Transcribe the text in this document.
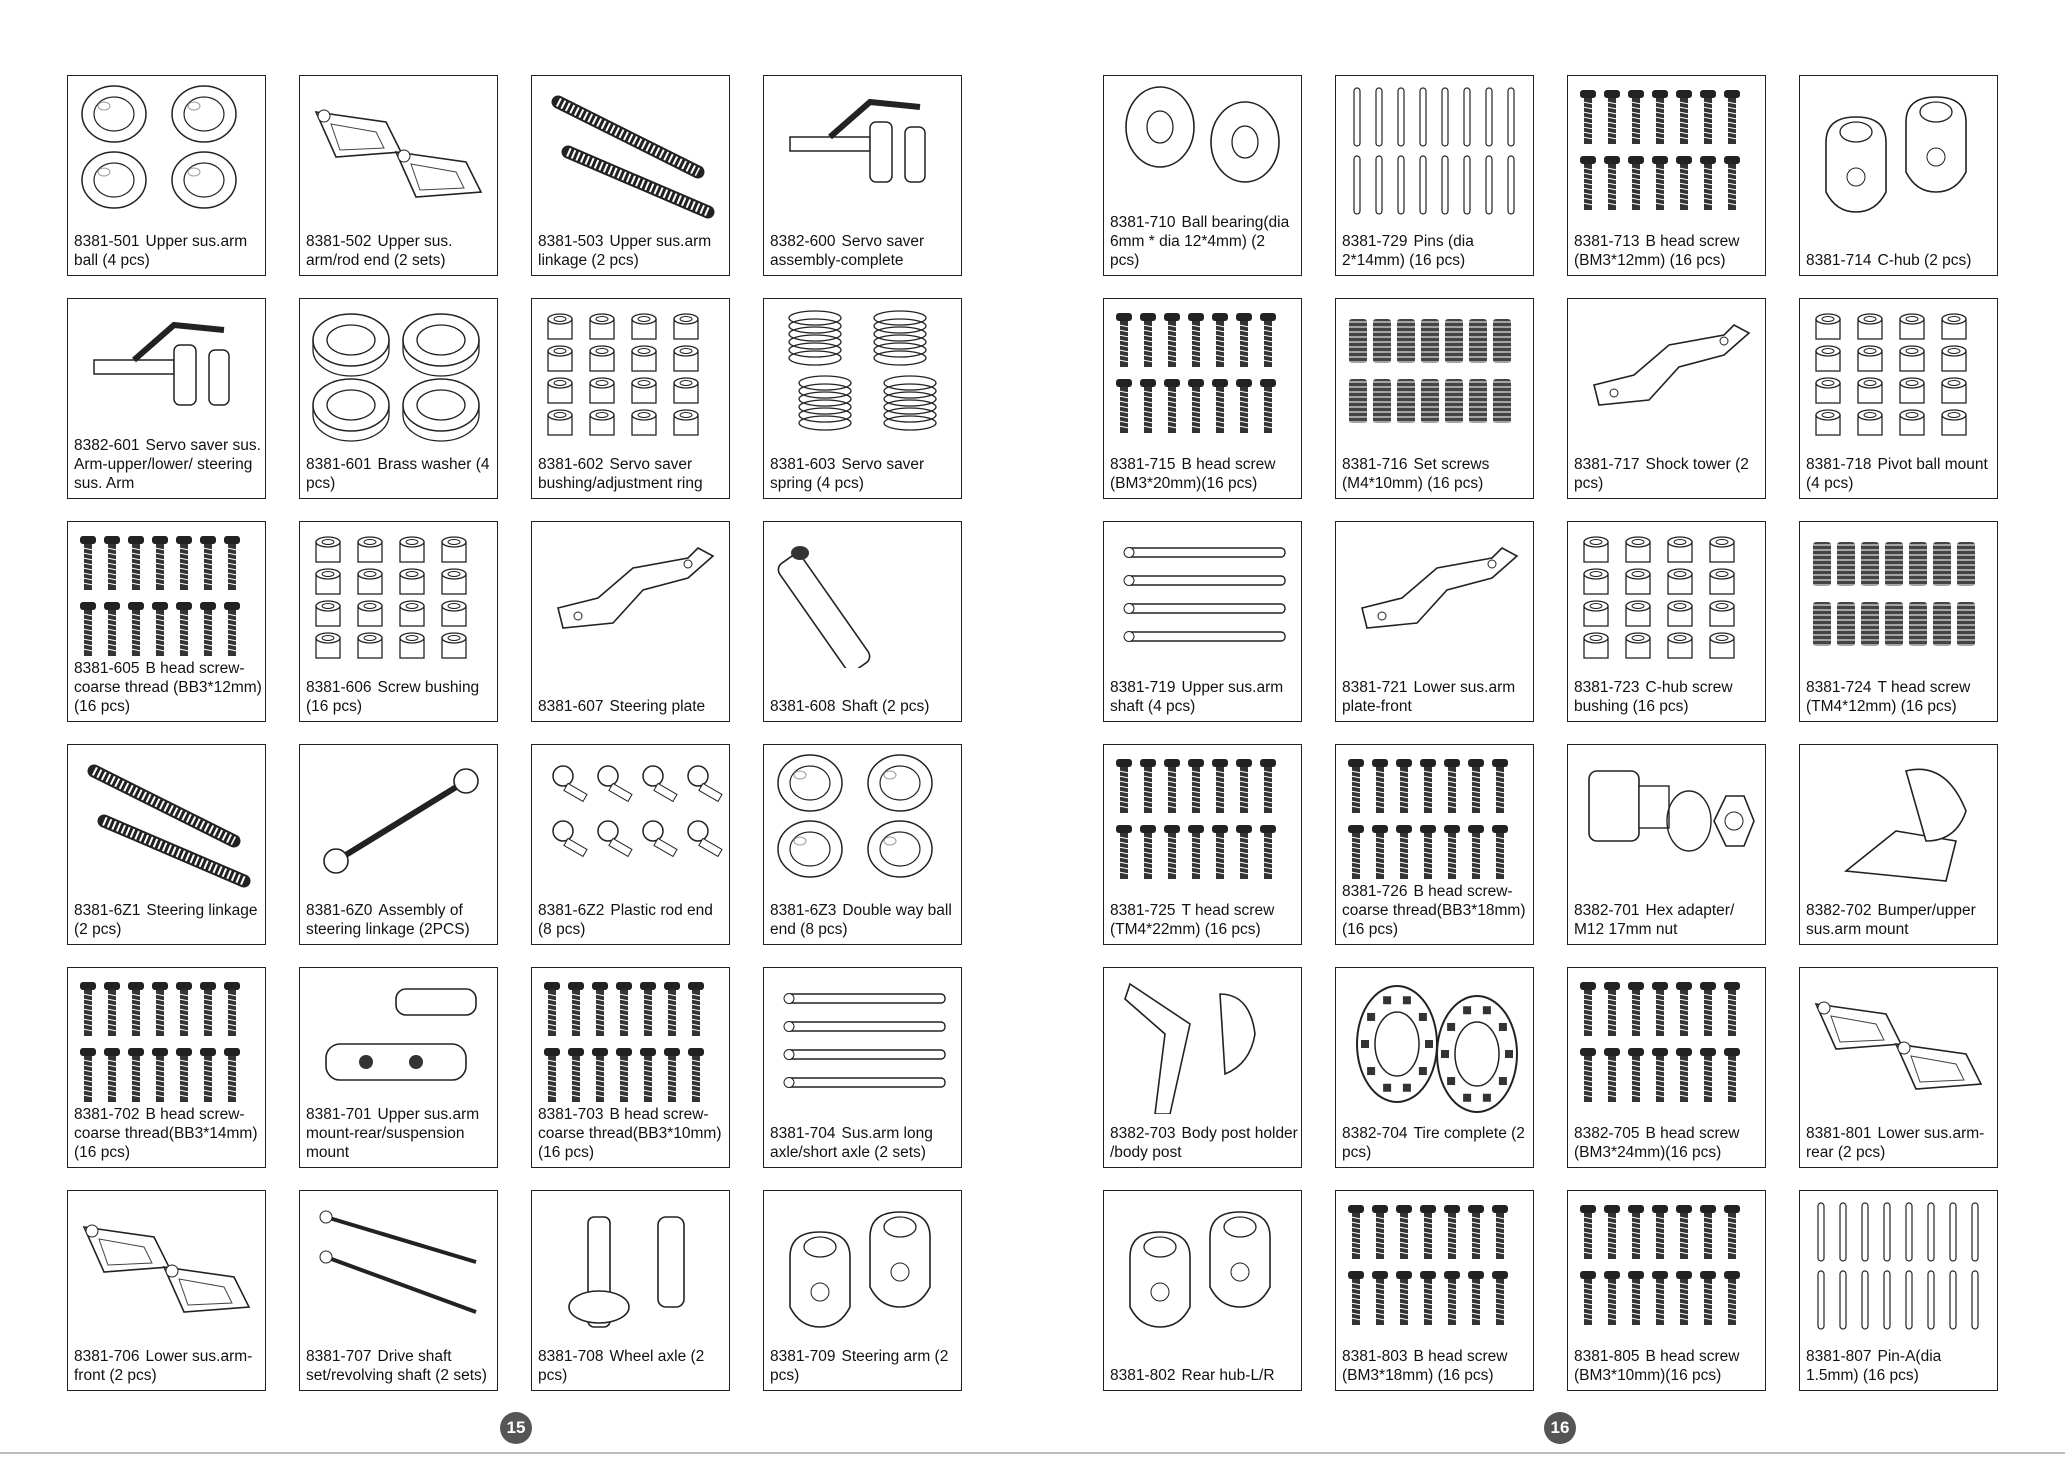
8381-501 Upper sus.arm ball (4 pcs)
8381-502 Upper sus. arm/rod end (2 sets)
8381-503 Upper sus.arm linkage (2 pcs)
8382-600 Servo saver assembly-complete
8382-601 Servo saver sus. Arm-upper/lower/ steering sus. Arm
8381-601 Brass washer (4 pcs)
8381-602 Servo saver bushing/adjustment ring
8381-603 Servo saver spring (4 pcs)
8381-605 B head screw- coarse thread (BB3*12mm) (16 pcs)
8381-606 Screw bushing (16 pcs)	8381-607 Steering plate	8381-608 Shaft (2 pcs)
8381-6Z1 Steering linkage (2 pcs)
8381-6Z0 Assembly of steering linkage (2PCS)
8381-6Z2 Plastic rod end (8 pcs)
8381-6Z3 Double way ball end (8 pcs)
8381-702 B head screw- coarse thread(BB3*14mm) (16 pcs)
8381-701 Upper sus.arm mount-rear/suspension mount
8381-703 B head screw- coarse thread(BB3*10mm) (16 pcs)
8381-704 Sus.arm long axle/short axle (2 sets)
8381-706 Lower sus.arm- front (2 pcs)
8381-707 Drive shaft set/revolving shaft (2 sets)
8381-708 Wheel axle (2 pcs)
8381-709 Steering arm (2 pcs)
15
8381-710 Ball bearing(dia 6mm * dia 12*4mm) (2 pcs)
8381-729 Pins (dia 2*14mm) (16 pcs)
8381-713 B head screw (BM3*12mm) (16 pcs)	8381-714 C-hub (2 pcs)
8381-715 B head screw (BM3*20mm)(16 pcs)
8381-716 Set screws (M4*10mm) (16 pcs)
8381-717 Shock tower (2 pcs)
8381-718 Pivot ball mount (4 pcs)
8381-719 Upper sus.arm shaft (4 pcs)
8381-721 Lower sus.arm plate-front
8381-723 C-hub screw bushing (16 pcs)
8381-724 T head screw (TM4*12mm) (16 pcs)
8381-725 T head screw (TM4*22mm) (16 pcs)
8381-726 B head screw- coarse thread(BB3*18mm) (16 pcs)
8382-701 Hex adapter/ M12 17mm nut
8382-702 Bumper/upper sus.arm mount
8382-703 Body post holder /body post
8382-704 Tire complete (2 pcs)
8382-705 B head screw (BM3*24mm)(16 pcs)
8381-801 Lower sus.arm- rear (2 pcs)
8381-802 Rear hub-L/R
8381-803 B head screw (BM3*18mm) (16 pcs)
8381-805 B head screw (BM3*10mm)(16 pcs)
8381-807 Pin-A(dia 1.5mm) (16 pcs)
16
